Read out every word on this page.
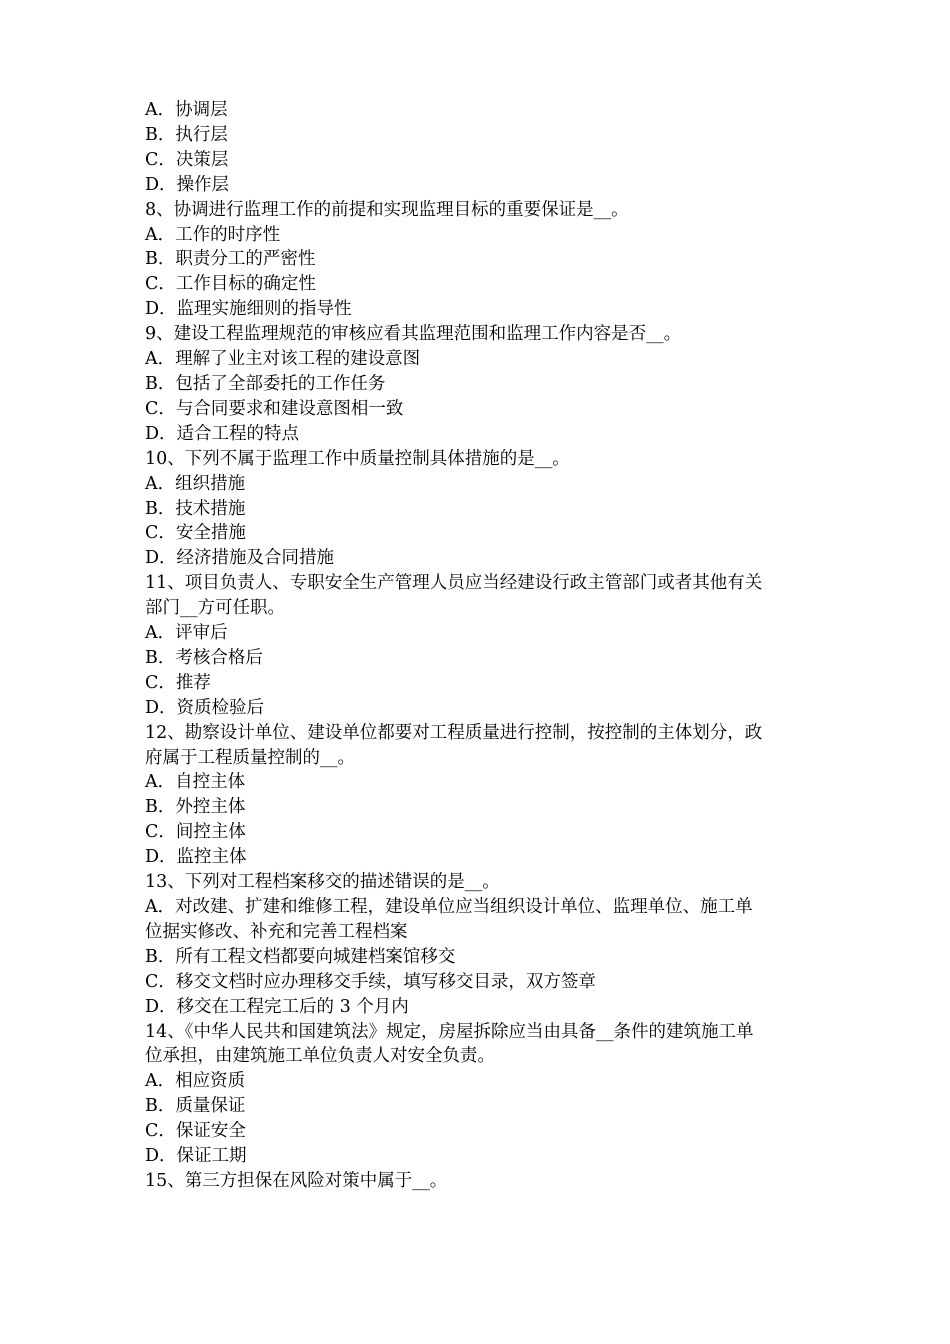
A．协调层
B．执行层
C．决策层
D．操作层
8、协调进行监理工作的前提和实现监理目标的重要保证是__。
A．工作的时序性
B．职责分工的严密性
C．工作目标的确定性
D．监理实施细则的指导性
9、建设工程监理规范的审核应看其监理范围和监理工作内容是否__。
A．理解了业主对该工程的建设意图
B．包括了全部委托的工作任务
C．与合同要求和建设意图相一致
D．适合工程的特点
10、下列不属于监理工作中质量控制具体措施的是__。
A．组织措施
B．技术措施
C．安全措施
D．经济措施及合同措施
11、项目负责人、专职安全生产管理人员应当经建设行政主管部门或者其他有关
部门__方可任职。
A．评审后
B．考核合格后
C．推荐
D．资质检验后
12、勘察设计单位、建设单位都要对工程质量进行控制，按控制的主体划分，政
府属于工程质量控制的__。
A．自控主体
B．外控主体
C．间控主体
D．监控主体
13、下列对工程档案移交的描述错误的是__。
A．对改建、扩建和维修工程，建设单位应当组织设计单位、监理单位、施工单
位据实修改、补充和完善工程档案
B．所有工程文档都要向城建档案馆移交
C．移交文档时应办理移交手续，填写移交目录，双方签章
D．移交在工程完工后的 3 个月内
14、《中华人民共和国建筑法》规定，房屋拆除应当由具备__条件的建筑施工单
位承担，由建筑施工单位负责人对安全负责。
A．相应资质
B．质量保证
C．保证安全
D．保证工期
15、第三方担保在风险对策中属于__。
